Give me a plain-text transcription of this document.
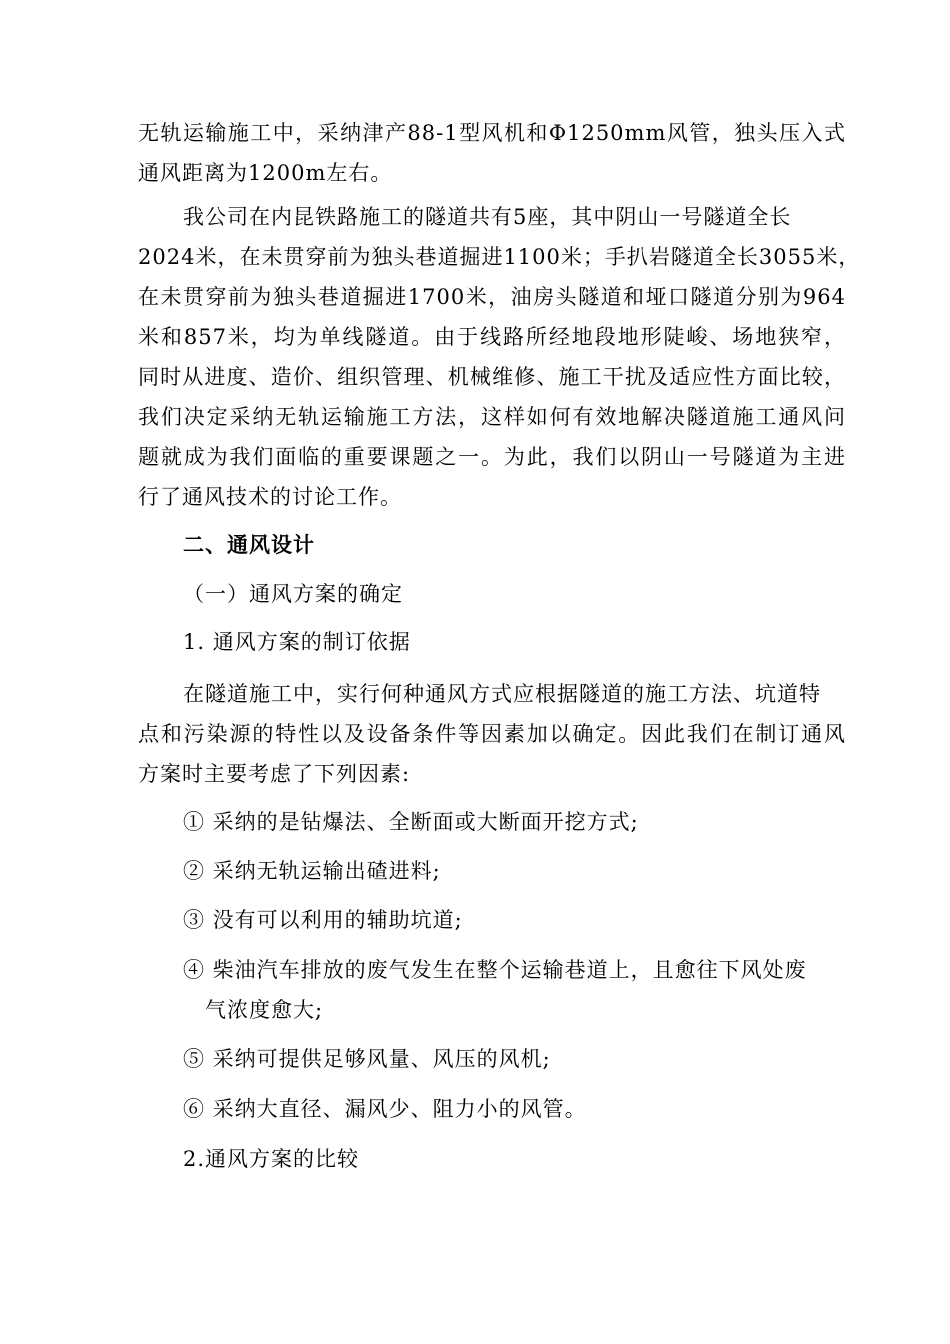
无轨运输施工中，采纳津产88-1型风机和Φ1250mm风管，独头压入式
通风距离为1200m左右。
我公司在内昆铁路施工的隧道共有5座，其中阴山一号隧道全长
2024米，在未贯穿前为独头巷道掘进1100米；手扒岩隧道全长3055米，
在未贯穿前为独头巷道掘进1700米，油房头隧道和垭口隧道分别为964
米和857米，均为单线隧道。由于线路所经地段地形陡峻、场地狭窄，
同时从进度、造价、组织管理、机械维修、施工干扰及适应性方面比较，
我们决定采纳无轨运输施工方法，这样如何有效地解决隧道施工通风问
题就成为我们面临的重要课题之一。为此，我们以阴山一号隧道为主进
行了通风技术的讨论工作。
二、通风设计
（一）通风方案的确定
1. 通风方案的制订依据
在隧道施工中，实行何种通风方式应根据隧道的施工方法、坑道特
点和污染源的特性以及设备条件等因素加以确定。因此我们在制订通风
方案时主要考虑了下列因素:
① 采纳的是钻爆法、全断面或大断面开挖方式;
② 采纳无轨运输出碴进料;
③ 没有可以利用的辅助坑道;
④ 柴油汽车排放的废气发生在整个运输巷道上，且愈往下风处废
气浓度愈大;
⑤ 采纳可提供足够风量、风压的风机;
⑥ 采纳大直径、漏风少、阻力小的风管。
2.通风方案的比较
